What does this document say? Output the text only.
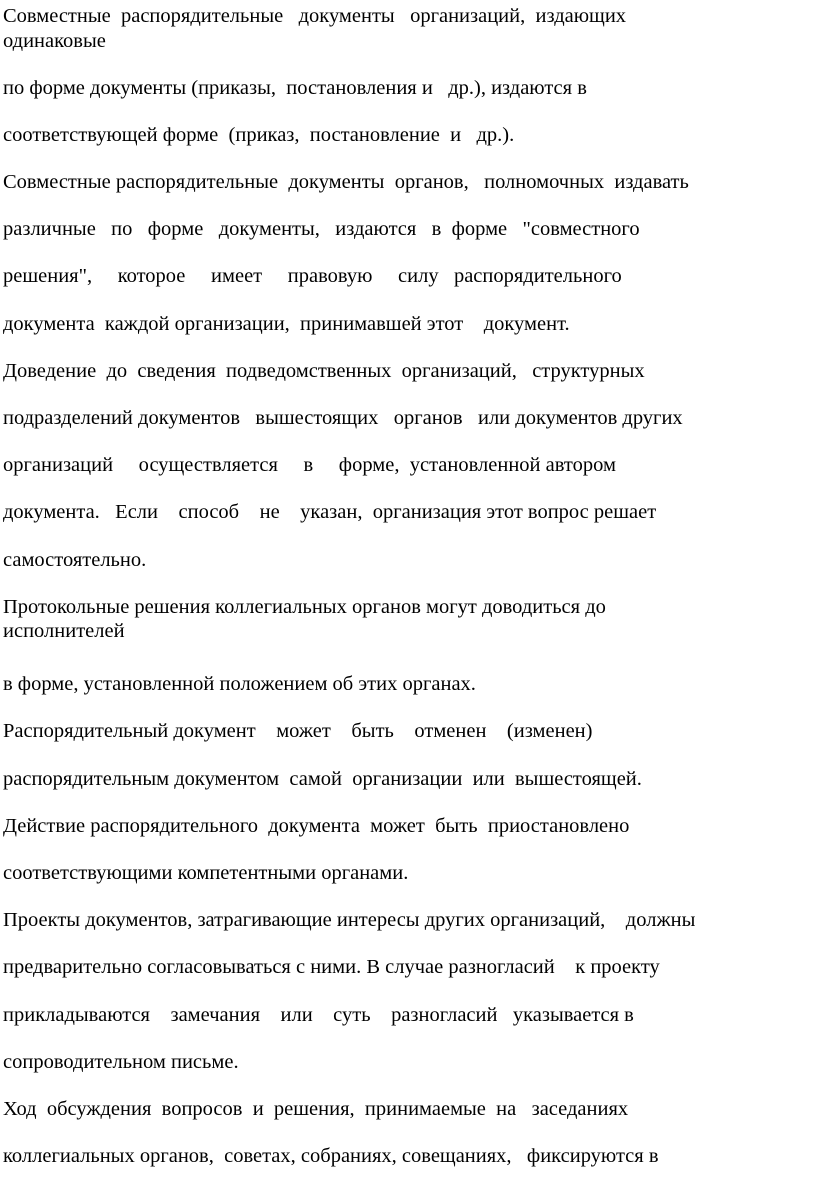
Совместные  распорядительные   документы   организаций,  издающих

одинаковые

по форме документы (приказы,  постановления и   др.), издаются в

соответствующей форме  (приказ,  постановление  и   др.).

Совместные распорядительные  документы  органов,   полномочных  издавать

различные   по   форме   документы,   издаются   в  форме   "совместного

решения",     которое     имеет     правовую     силу   распорядительного

документа  каждой организации,  принимавшей этот    документ.

Доведение  до  сведения  подведомственных  организаций,   структурных

подразделений документов   вышестоящих   органов   или документов других

организаций     осуществляется     в     форме,  установленной автором

документа.   Если    способ    не    указан,  организация этот вопрос решает

самостоятельно.

Протокольные решения коллегиальных органов могут доводиться до

исполнителей

в форме, установленной положением об этих органах.

Распорядительный документ    может    быть    отменен    (изменен)

распорядительным документом  самой  организации  или  вышестоящей.

Действие распорядительного  документа  может  быть  приостановлено

соответствующими компетентными органами.

Проекты документов, затрагивающие интересы других организаций,    должны

предварительно согласовываться с ними. В случае разногласий    к проекту

прикладываются    замечания    или    суть    разногласий   указывается в

сопроводительном письме.

Ход  обсуждения  вопросов  и  решения,  принимаемые  на   заседаниях

коллегиальных органов,  советах, собраниях, совещаниях,   фиксируются в
